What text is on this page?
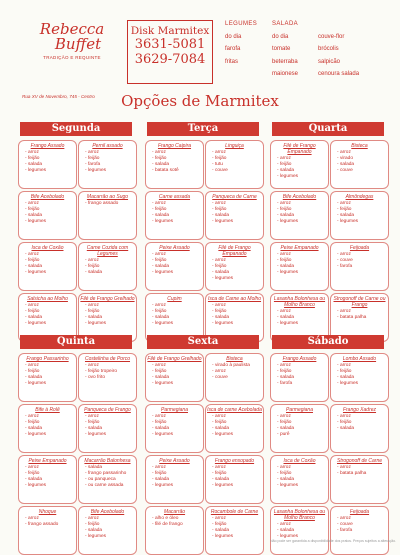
Rebecca
Buffet
TRADIÇÃO E REQUINTE
Rua XV de Novembro, 745 - Centro
Disk Marmitex
3631-5081
3629-7084
LEGUMES
do dia
farofa
fritas
SALADA
do dia
tomate
beterraba
maionese
couve-flor
brócolis
salpicão
cenoura salada
Opções de Marmitex
Segunda
Frango Assado
- arroz
- feijão
- salada
- legumes
Pernil assado
- arroz
- feijão
- farofa
- legumes
Bife Acebolado
- arroz
- feijão
- salada
- legumes
Macarrão ao Sugo
- frango assado
Isca de Coxão
- arroz
- feijão
- salada
- legumes
Carne Cozida com Legumes
- arroz
- feijão
- salada
Salsicha ao Molho
- arroz
- feijão
- salada
- legumes
Filé de Frango Grelhado
- arroz
- feijão
- salada
- legumes
Terça
Frango Caipira
- arroz
- feijão
- salada
- batata sotê
Linguiça
- arroz
- feijão
- tutu
- couve
Carne assada
- arroz
- feijão
- salada
- legumes
Panqueca de Carne
- arroz
- feijão
- salada
- legumes
Peixe Assado
- arroz
- feijão
- salada
- legumes
Filé de Frango Empanado
- arroz
- feijão
- salada
- legumes
Cupim
- arroz
- feijão
- salada
- legumes
Isca de Carne ao Molho
- arroz
- feijão
- salada
- legumes
Quarta
Filé de Frango Empanado
- arroz
- feijão
- salada
- legumes
Bisteca
- arroz
- virado
- salada
- couve
Bife Acebolado
- arroz
- feijão
- salada
- legumes
Almôndegas
- arroz
- feijão
- salada
- legumes
Peixe Empanado
- arroz
- feijão
- salada
- legumes
Feijoada
- arroz
- couve
- farofa
Lasanha Bolonhesa ou Molho Branco
- arroz
- salada
- legumes
Strogonoff de Carne ou Frango
- arroz
- batata palha
Quinta
Frango Passarinho
- arroz
- feijão
- salada
- legumes
Costelinha de Porco
- arroz
- feijão tropeiro
- ovo frito
Bife à Rolê
- arroz
- feijão
- salada
- legumes
Panqueca de Frango
- arroz
- feijão
- salada
- legumes
Peixe Empanado
- arroz
- feijão
- salada
- legumes
Macarrão Balonhesa
- salada
- frango passarinho
- ou panqueca
- ou carne assada
Nhoque
- arroz
- frango assado
Bife Acebolado
- arroz
- feijão
- salada
- legumes
Sexta
Filé de Frango Grelhado
- arroz
- feijão
- salada
- legumes
Bisteca
- virado à paulista
- arroz
- couve
Parmegiana
- arroz
- feijão
- salada
- legumes
Isca de carne Acebolada
- arroz
- feijão
- salada
- legumes
Peixe Assado
- arroz
- feijão
- salada
- legumes
Frango ensopado
- arroz
- feijão
- salada
- legumes
Macarrão
- alho e óleo
- filé de frango
Rocambole de Carne
- arroz
- feijão
- salada
- legumes
Sábado
Frango Assado
- arroz
- feijão
- salada
- farofa
Lombo Assado
- arroz
- feijão
- salada
- legumes
Parmegiana
- arroz
- feijão
- salada
- purê
Frango Xadrez
- arroz
- feijão
- salada
Isca de Coxão
- arroz
- feijão
- salada
- legumes
Strogonoff de Carne
- arroz
- batata palha
Lasanha Bolonhesa ou Molho Branco
- arroz
- salada
- legumes
Feijoada
- arroz
- couve
- farofa
Não pode ser garantida a disponibilidade dos pratos. Preços sujeitos a alteração.
